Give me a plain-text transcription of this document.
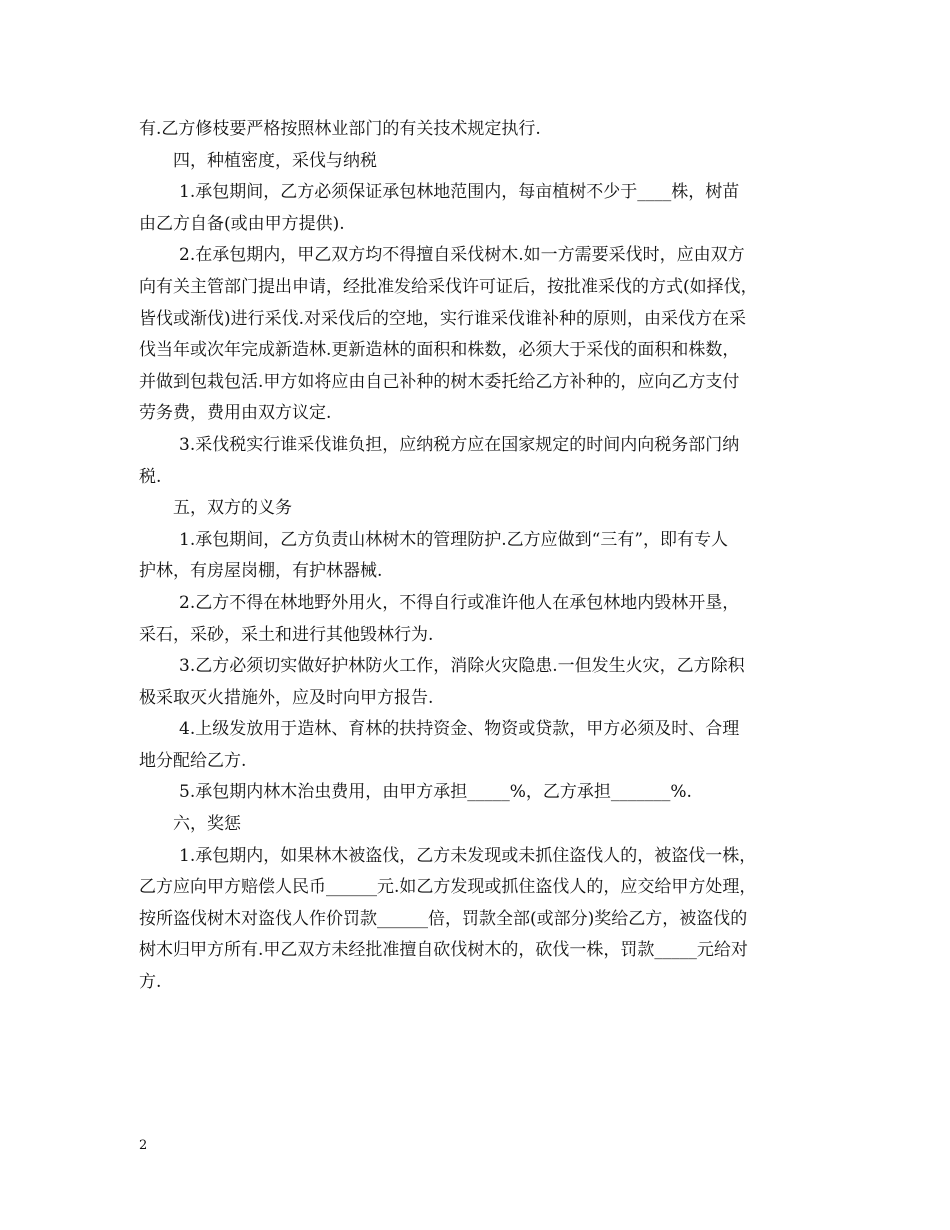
有.乙方修枝要严格按照林业部门的有关技术规定执行.
四，种植密度，采伐与纳税
1.承包期间，乙方必须保证承包林地范围内，每亩植树不少于____株，树苗
由乙方自备(或由甲方提供).
2.在承包期内，甲乙双方均不得擅自采伐树木.如一方需要采伐时，应由双方
向有关主管部门提出申请，经批准发给采伐许可证后，按批准采伐的方式(如择伐，
皆伐或渐伐)进行采伐.对采伐后的空地，实行谁采伐谁补种的原则，由采伐方在采
伐当年或次年完成新造林.更新造林的面积和株数，必须大于采伐的面积和株数，
并做到包栽包活.甲方如将应由自己补种的树木委托给乙方补种的，应向乙方支付
劳务费，费用由双方议定.
3.采伐税实行谁采伐谁负担，应纳税方应在国家规定的时间内向税务部门纳
税.
五，双方的义务
1.承包期间，乙方负责山林树木的管理防护.乙方应做到“三有”，即有专人
护林，有房屋岗棚，有护林器械.
2.乙方不得在林地野外用火，不得自行或准许他人在承包林地内毁林开垦，
采石，采砂，采土和进行其他毁林行为.
3.乙方必须切实做好护林防火工作，消除火灾隐患.一但发生火灾，乙方除积
极采取灭火措施外，应及时向甲方报告.
4.上级发放用于造林、育林的扶持资金、物资或贷款，甲方必须及时、合理
地分配给乙方.
5.承包期内林木治虫费用，由甲方承担_____%，乙方承担_______%.
六，奖惩
1.承包期内，如果林木被盗伐，乙方未发现或未抓住盗伐人的，被盗伐一株，
乙方应向甲方赔偿人民币______元.如乙方发现或抓住盗伐人的，应交给甲方处理，
按所盗伐树木对盗伐人作价罚款______倍，罚款全部(或部分)奖给乙方，被盗伐的
树木归甲方所有.甲乙双方未经批准擅自砍伐树木的，砍伐一株，罚款_____元给对
方.
2
